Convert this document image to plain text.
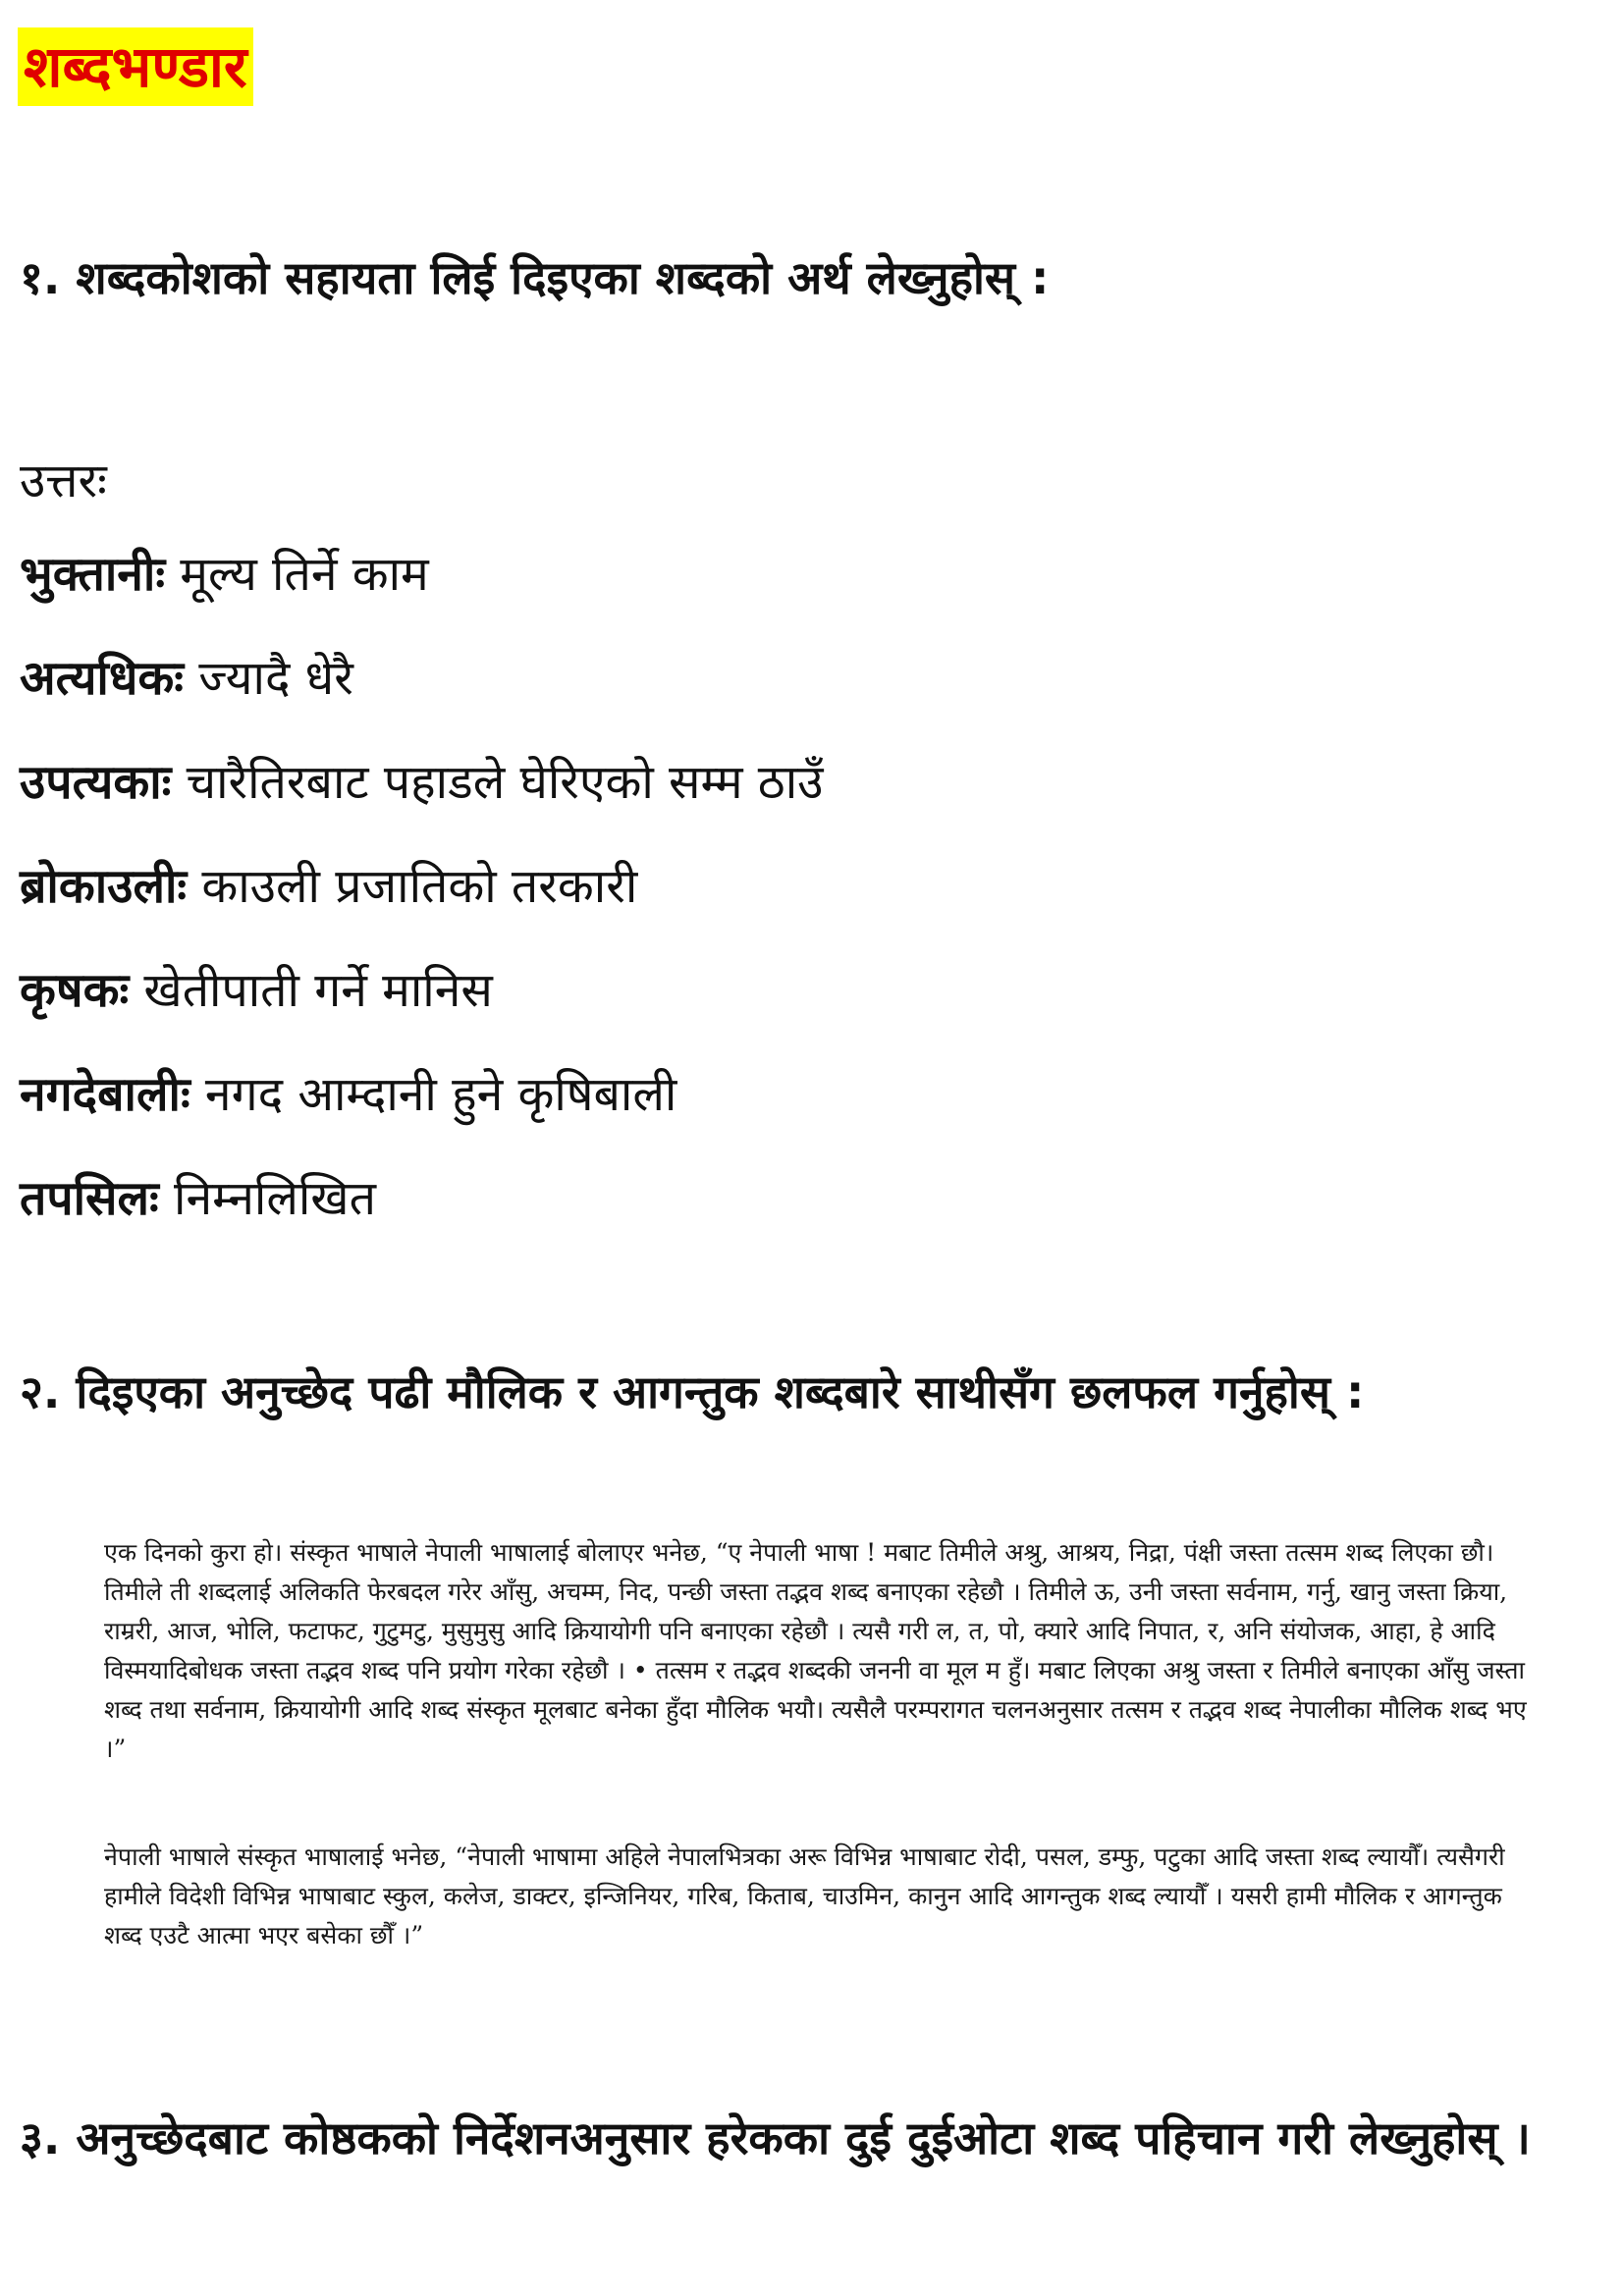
शब्दभण्डार
१. शब्दकोशको सहायता लिई दिइएका शब्दको अर्थ लेख्नुहोस् :
उत्तरः
भुक्तानी मूल्य तिर्ने काम
अत्यधिक ज्यादै धेरै
उपत्यका चारैतिरबाट पहाडले घेरिएको सम्म ठाउँ
ब्रोकाउली काउली प्रजातिको तरकारी
कृषक खेतीपाती गर्ने मानिस
नगदेबाली नगद आम्दानी हुने कृषिबाली
तपसिल निम्नलिखित
२. दिइएका अनुच्छेद पढी मौलिक र आगन्तुक शब्दबारे साथीसँग छलफल गर्नुहोस् :

एक दिनको कुरा हो। संस्कृत भाषाले नेपाली भाषालाई बोलाएर भनेछ, “ए नेपाली भाषा ! मबाट तिमीले अश्रु, आश्रय, निद्रा, पंक्षी जस्ता तत्सम शब्द लिएका छौ। तिमीले ती शब्दलाई अलिकति फेरबदल गरेर आँसु, अचम्म, निद, पन्छी जस्ता तद्भव शब्द बनाएका रहेछौ । तिमीले ऊ, उनी जस्ता सर्वनाम, गर्नु, खानु जस्ता क्रिया, राम्ररी, आज, भोलि, फटाफट, गुटुमटु, मुसुमुसु आदि क्रियायोगी पनि बनाएका रहेछौ । त्यसै गरी ल, त, पो, क्यारे आदि निपात, र, अनि संयोजक, आहा, हे आदि विस्मयादिबोधक जस्ता तद्भव शब्द पनि प्रयोग गरेका रहेछौ । • तत्सम र तद्भव शब्दकी जननी वा मूल म हुँ। मबाट लिएका अश्रु जस्ता र तिमीले बनाएका आँसु जस्ता शब्द तथा सर्वनाम, क्रियायोगी आदि शब्द संस्कृत मूलबाट बनेका हुँदा मौलिक भयौ। त्यसैलै परम्परागत चलनअनुसार तत्सम र तद्भव शब्द नेपालीका मौलिक शब्द भए ।”

नेपाली भाषाले संस्कृत भाषालाई भनेछ, “नेपाली भाषामा अहिले नेपालभित्रका अरू विभिन्न भाषाबाट रोदी, पसल, डम्फु, पटुका आदि जस्ता शब्द ल्यायौँ। त्यसैगरी हामीले विदेशी विभिन्न भाषाबाट स्कुल, कलेज, डाक्टर, इन्जिनियर, गरिब, किताब, चाउमिन, कानुन आदि आगन्तुक शब्द ल्यायौँ । यसरी हामी मौलिक र आगन्तुक शब्द एउटै आत्मा भएर बसेका छौँ ।”

३. अनुच्छेदबाट कोष्ठकको निर्देशनअनुसार हरेकका दुई दुईओटा शब्द पहिचान गरी लेख्नुहोस् ।
